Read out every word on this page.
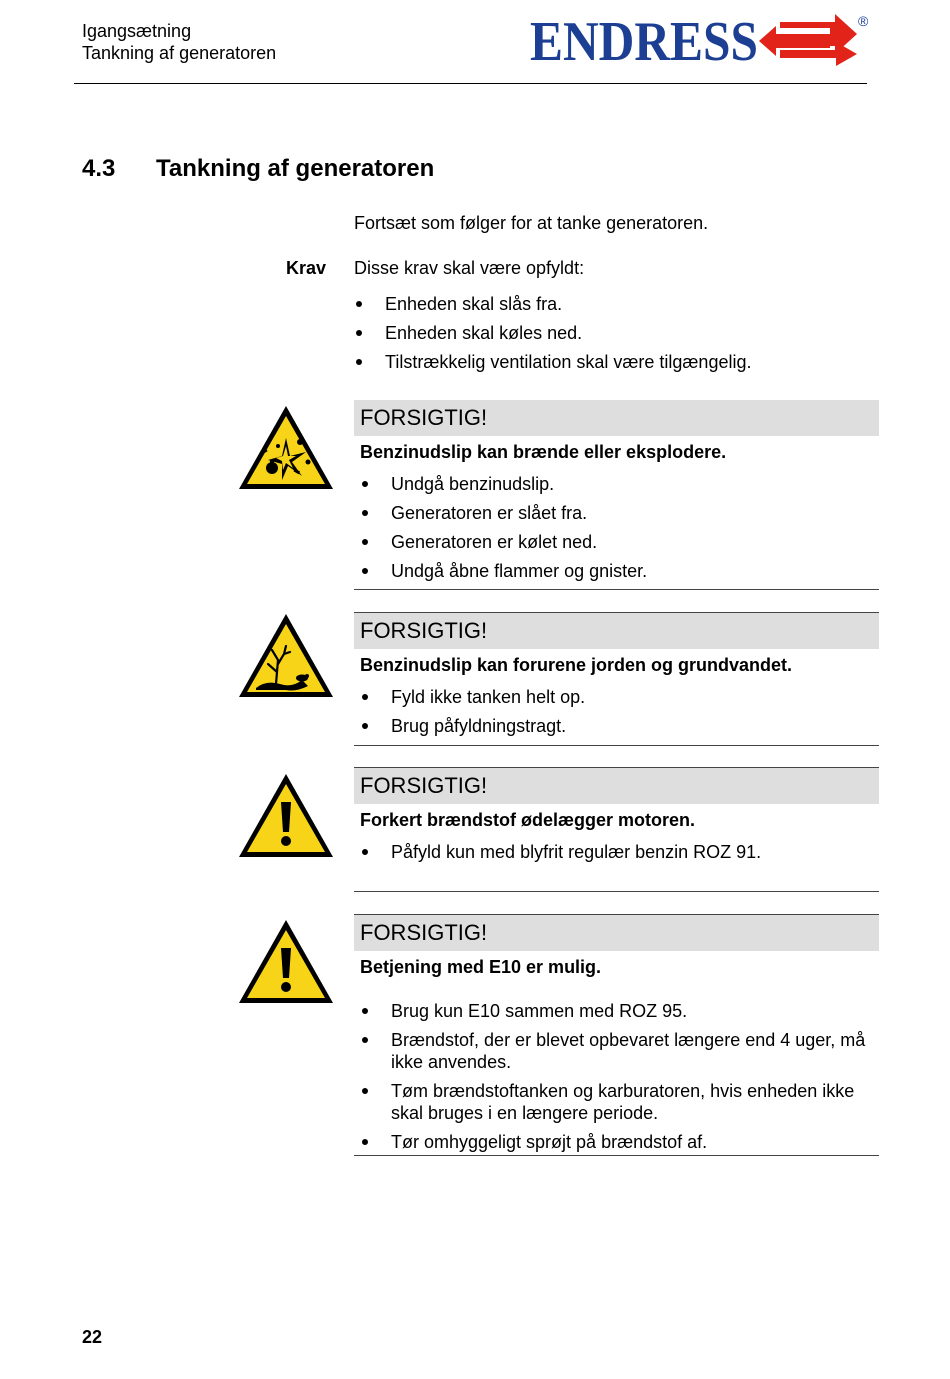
Igangsætning
Tankning af generatoren	ENDRESS	®
4.3 Tankning af generatoren
Fortsæt som følger for at tanke generatoren.
Krav Disse krav skal være opfyldt:
Enheden skal slås fra.
Enheden skal køles ned.
Tilstrækkelig ventilation skal være tilgængelig.
FORSIGTIG!
Benzinudslip kan brænde eller eksplodere.
Undgå benzinudslip.
Generatoren er slået fra.
Generatoren er kølet ned.
Undgå åbne flammer og gnister.
FORSIGTIG!
Benzinudslip kan forurene jorden og grundvandet.
Fyld ikke tanken helt op.
Brug påfyldningstragt.
FORSIGTIG!
Forkert brændstof ødelægger motoren.
Påfyld kun med blyfrit regulær benzin ROZ 91.
FORSIGTIG!
Betjening med E10 er mulig.
Brug kun E10 sammen med ROZ 95.
Brændstof, der er blevet opbevaret længere end 4 uger, må ikke anvendes.
Tøm brændstoftanken og karburatoren, hvis enheden ikke skal bruges i en længere periode.
Tør omhyggeligt sprøjt på brændstof af.
22
